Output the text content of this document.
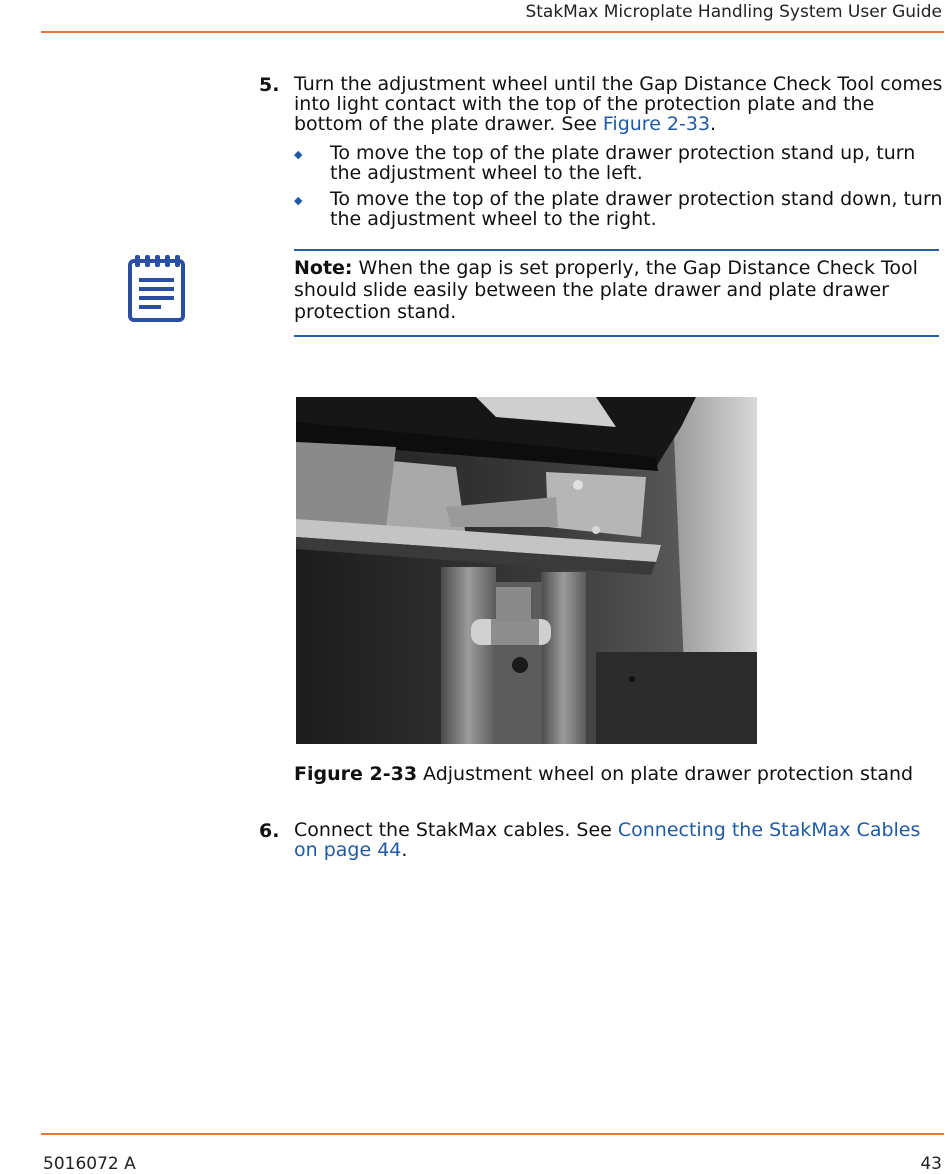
StakMax Microplate Handling System User Guide
5. Turn the adjustment wheel until the Gap Distance Check Tool comes into light contact with the top of the protection plate and the bottom of the plate drawer. See Figure 2-33.
◆ To move the top of the plate drawer protection stand up, turn the adjustment wheel to the left.
◆ To move the top of the plate drawer protection stand down, turn the adjustment wheel to the right.
Note: When the gap is set properly, the Gap Distance Check Tool should slide easily between the plate drawer and plate drawer protection stand.
Figure 2-33 Adjustment wheel on plate drawer protection stand
6. Connect the StakMax cables. See Connecting the StakMax Cables on page 44.
5016072 A	43
